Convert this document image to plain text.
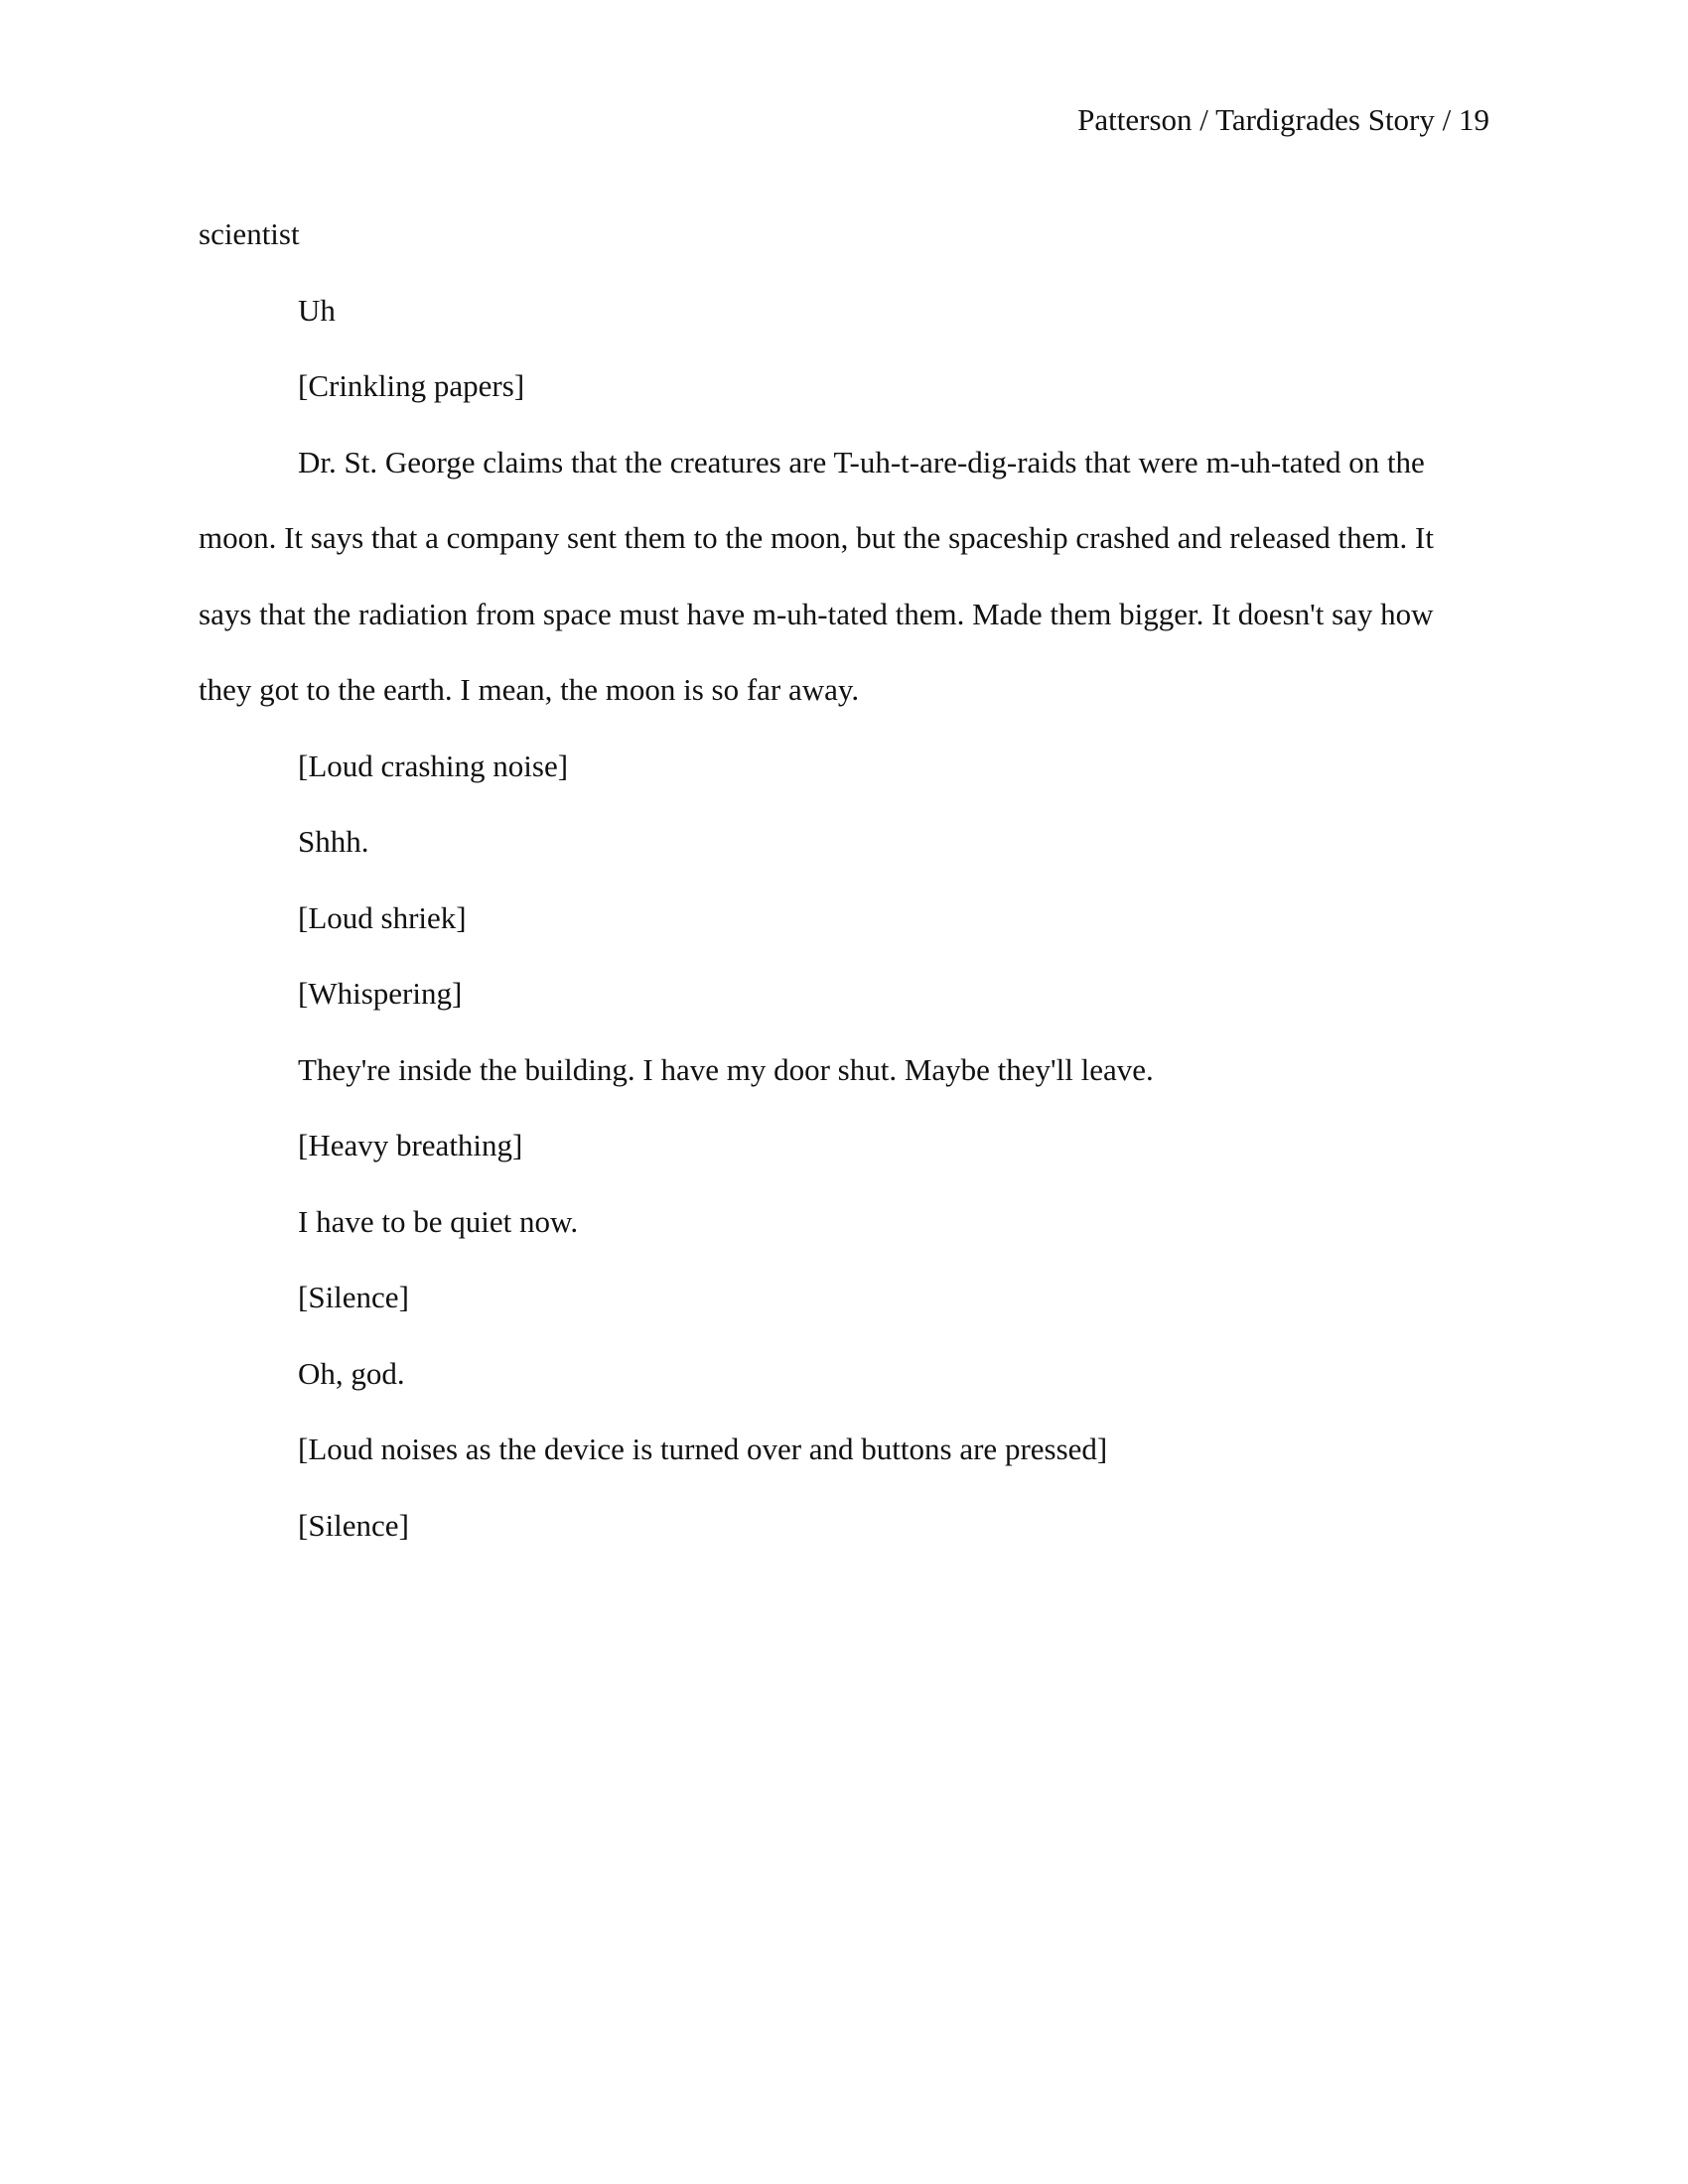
Patterson / Tardigrades Story / 19

scientist

Uh

[Crinkling papers]

Dr. St. George claims that the creatures are T-uh-t-are-dig-raids that were m-uh-tated on the moon. It says that a company sent them to the moon, but the spaceship crashed and released them. It says that the radiation from space must have m-uh-tated them. Made them bigger. It doesn't say how they got to the earth. I mean, the moon is so far away.

[Loud crashing noise]

Shhh.

[Loud shriek]

[Whispering]

They're inside the building. I have my door shut. Maybe they'll leave.

[Heavy breathing]

I have to be quiet now.

[Silence]

Oh, god.

[Loud noises as the device is turned over and buttons are pressed]

[Silence]
